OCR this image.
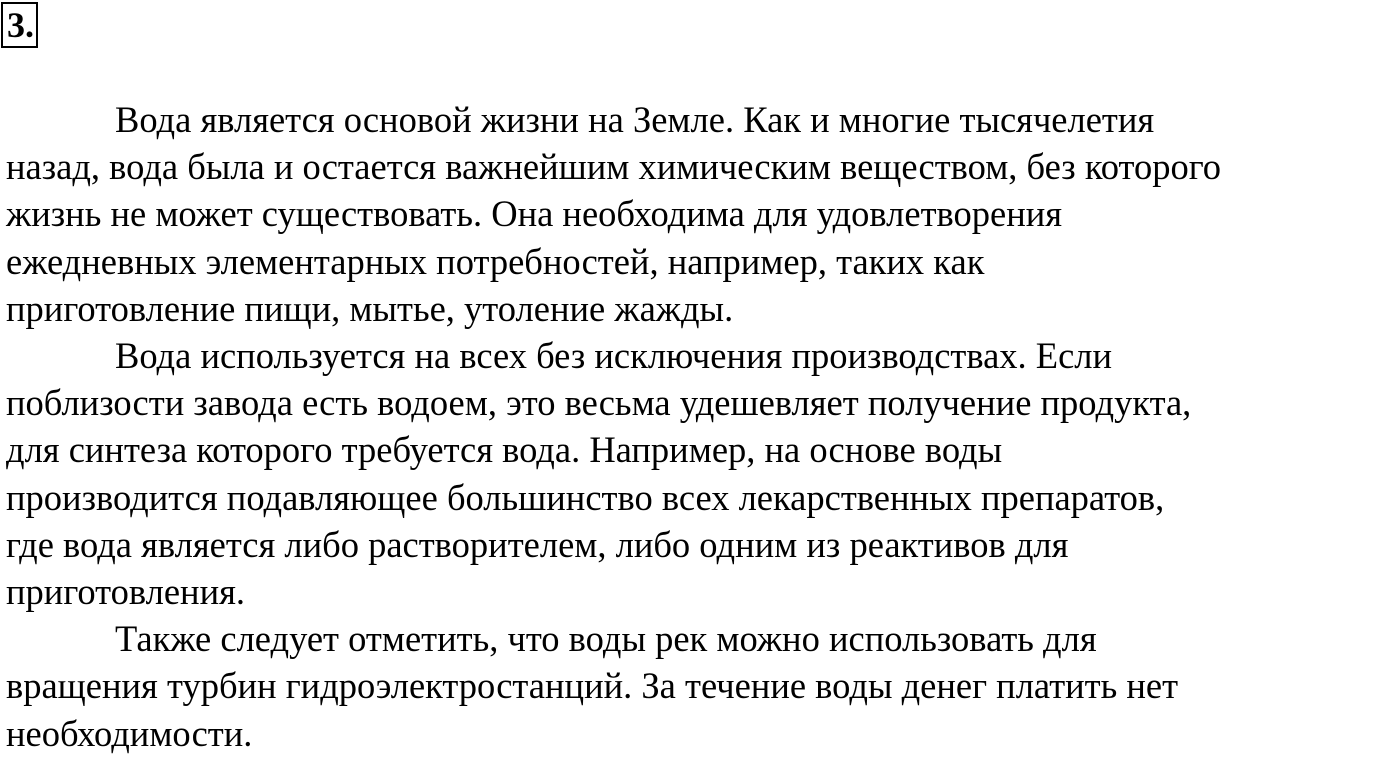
3.
Вода является основой жизни на Земле. Как и многие тысячелетия
назад, вода была и остается важнейшим химическим веществом, без которого
жизнь не может существовать. Она необходима для удовлетворения
ежедневных элементарных потребностей, например, таких как
приготовление пищи, мытье, утоление жажды.
Вода используется на всех без исключения производствах. Если
поблизости завода есть водоем, это весьма удешевляет получение продукта,
для синтеза которого требуется вода. Например, на основе воды
производится подавляющее большинство всех лекарственных препаратов,
где вода является либо растворителем, либо одним из реактивов для
приготовления.
Также следует отметить, что воды рек можно использовать для
вращения турбин гидроэлектростанций. За течение воды денег платить нет
необходимости.
